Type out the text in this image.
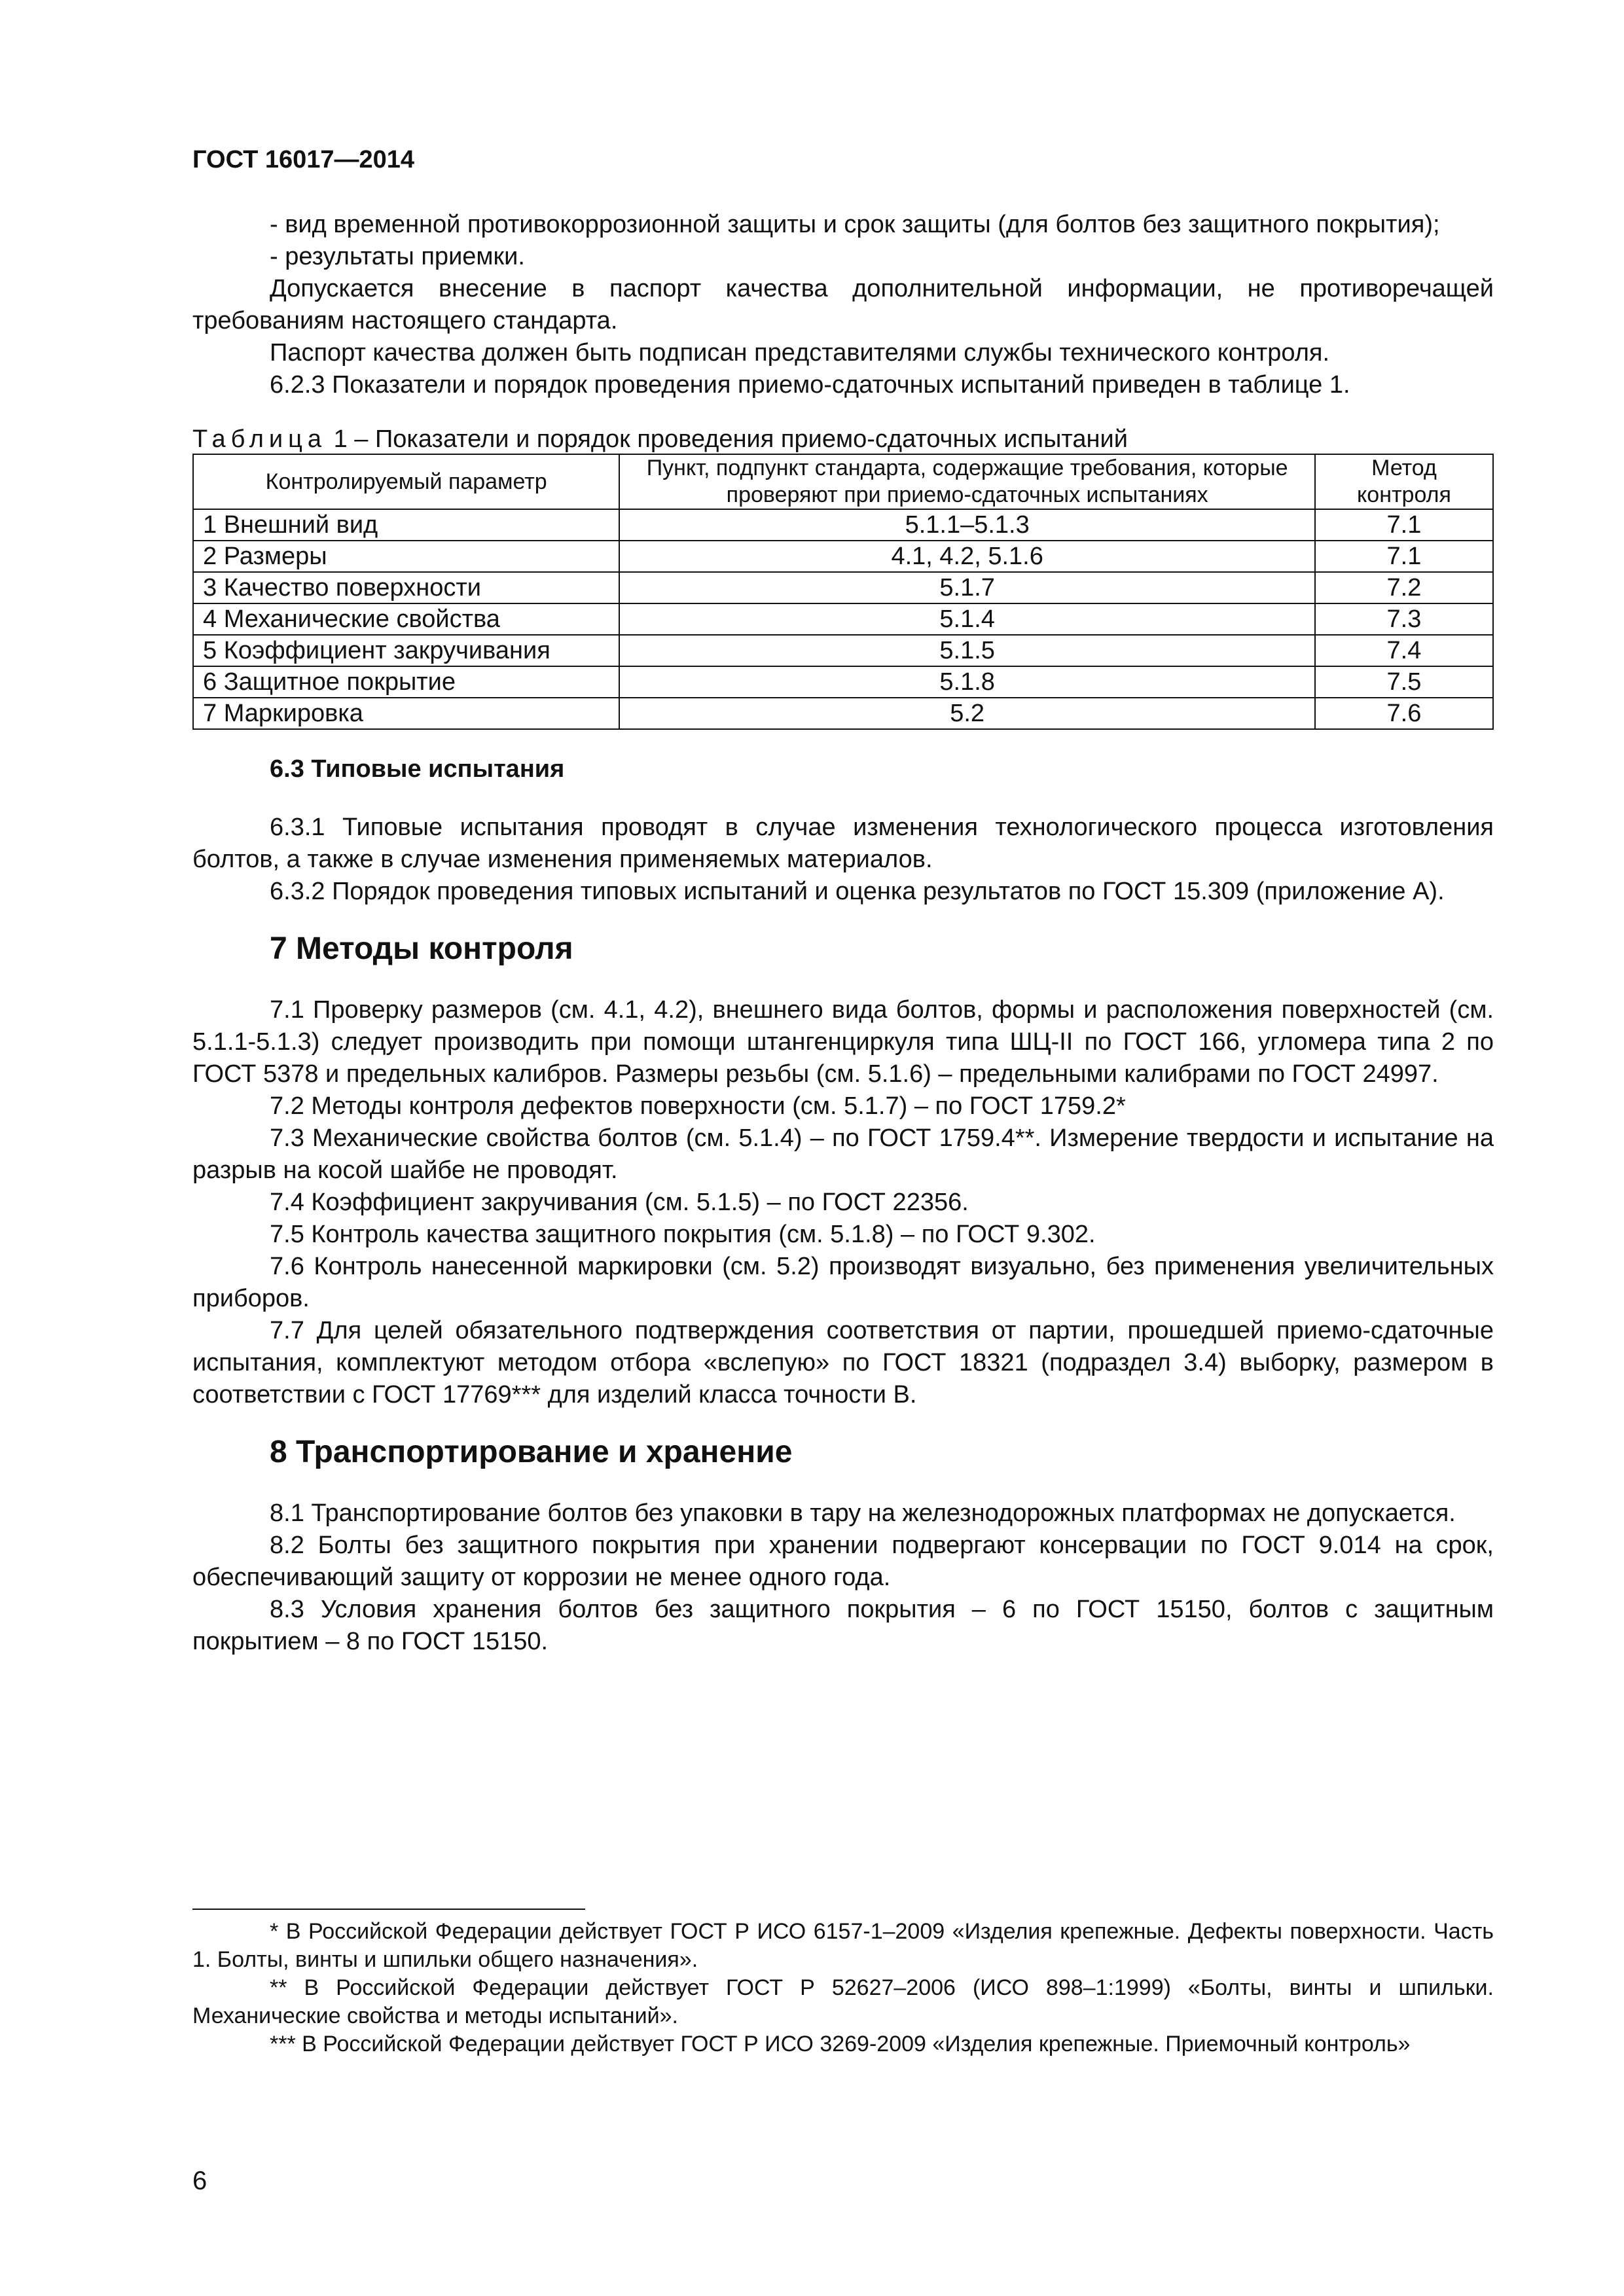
ГОСТ 16017—2014

- вид временной противокоррозионной защиты и срок защиты (для болтов без защитного покрытия);

- результаты приемки.

Допускается внесение в паспорт качества дополнительной информации, не противоречащей требованиям настоящего стандарта.

Паспорт качества должен быть подписан представителями службы технического контроля.

6.2.3 Показатели и порядок проведения приемо-сдаточных испытаний приведен в таблице 1.

Таблица 1 – Показатели и порядок проведения приемо-сдаточных испытаний

Контролируемый параметр	Пункт, подпункт стандарта, содержащие требования, которые проверяют при приемо-сдаточных испытаниях	Метод контроля
1 Внешний вид	5.1.1–5.1.3	7.1
2 Размеры	4.1, 4.2, 5.1.6	7.1
3 Качество поверхности	5.1.7	7.2
4 Механические свойства	5.1.4	7.3
5 Коэффициент закручивания	5.1.5	7.4
6 Защитное покрытие	5.1.8	7.5
7 Маркировка	5.2	7.6
6.3 Типовые испытания

6.3.1 Типовые испытания проводят в случае изменения технологического процесса изготовления болтов, а также в случае изменения применяемых материалов.

6.3.2 Порядок проведения типовых испытаний и оценка результатов по ГОСТ 15.309 (приложение А).

7 Методы контроля

7.1 Проверку размеров (см. 4.1, 4.2), внешнего вида болтов, формы и расположения поверхностей (см. 5.1.1-5.1.3) следует производить при помощи штангенциркуля типа ШЦ-II по ГОСТ 166, угломера типа 2 по ГОСТ 5378 и предельных калибров. Размеры резьбы (см. 5.1.6) – предельными калибрами по ГОСТ 24997.

7.2 Методы контроля дефектов поверхности (см. 5.1.7) – по ГОСТ 1759.2*

7.3 Механические свойства болтов (см. 5.1.4) – по ГОСТ 1759.4**. Измерение твердости и испытание на разрыв на косой шайбе не проводят.

7.4 Коэффициент закручивания (см. 5.1.5) – по ГОСТ 22356.

7.5 Контроль качества защитного покрытия (см. 5.1.8) – по ГОСТ 9.302.

7.6 Контроль нанесенной маркировки (см. 5.2) производят визуально, без применения увеличительных приборов.

7.7 Для целей обязательного подтверждения соответствия от партии, прошедшей приемо-сдаточные испытания, комплектуют методом отбора «вслепую» по ГОСТ 18321 (подраздел 3.4) выборку, размером в соответствии с ГОСТ 17769*** для изделий класса точности В.

8 Транспортирование и хранение

8.1 Транспортирование болтов без упаковки в тару на железнодорожных платформах не допускается.

8.2 Болты без защитного покрытия при хранении подвергают консервации по ГОСТ 9.014 на срок, обеспечивающий защиту от коррозии не менее одного года.

8.3 Условия хранения болтов без защитного покрытия – 6 по ГОСТ 15150, болтов с защитным покрытием – 8 по ГОСТ 15150.

* В Российской Федерации действует ГОСТ Р ИСО 6157-1–2009 «Изделия крепежные. Дефекты поверхности. Часть 1. Болты, винты и шпильки общего назначения».

** В Российской Федерации действует ГОСТ Р 52627–2006 (ИСО 898–1:1999) «Болты, винты и шпильки. Механические свойства и методы испытаний».

*** В Российской Федерации действует ГОСТ Р ИСО 3269-2009 «Изделия крепежные. Приемочный контроль»

6
